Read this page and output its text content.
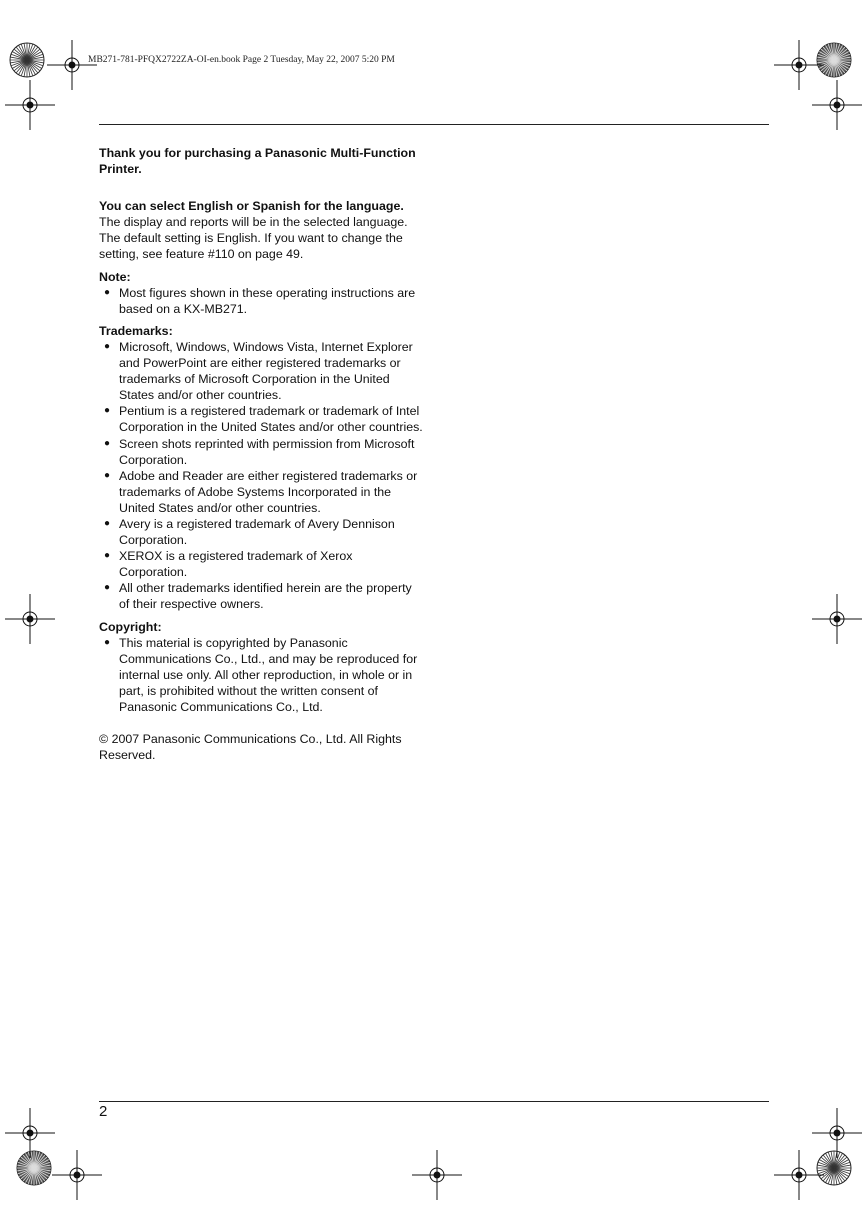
MB271-781-PFQX2722ZA-OI-en.book Page 2 Tuesday, May 22, 2007 5:20 PM

Thank you for purchasing a Panasonic Multi-Function Printer.

You can select English or Spanish for the language.

The display and reports will be in the selected language. The default setting is English. If you want to change the setting, see feature #110 on page 49.

Note:

● Most figures shown in these operating instructions are based on a KX-MB271.

Trademarks:

● Microsoft, Windows, Windows Vista, Internet Explorer and PowerPoint are either registered trademarks or trademarks of Microsoft Corporation in the United States and/or other countries.
● Pentium is a registered trademark or trademark of Intel Corporation in the United States and/or other countries.
● Screen shots reprinted with permission from Microsoft Corporation.
● Adobe and Reader are either registered trademarks or trademarks of Adobe Systems Incorporated in the United States and/or other countries.
● Avery is a registered trademark of Avery Dennison Corporation.
● XEROX is a registered trademark of Xerox Corporation.
● All other trademarks identified herein are the property of their respective owners.

Copyright:

● This material is copyrighted by Panasonic Communications Co., Ltd., and may be reproduced for internal use only. All other reproduction, in whole or in part, is prohibited without the written consent of Panasonic Communications Co., Ltd.

© 2007 Panasonic Communications Co., Ltd. All Rights Reserved.

2
